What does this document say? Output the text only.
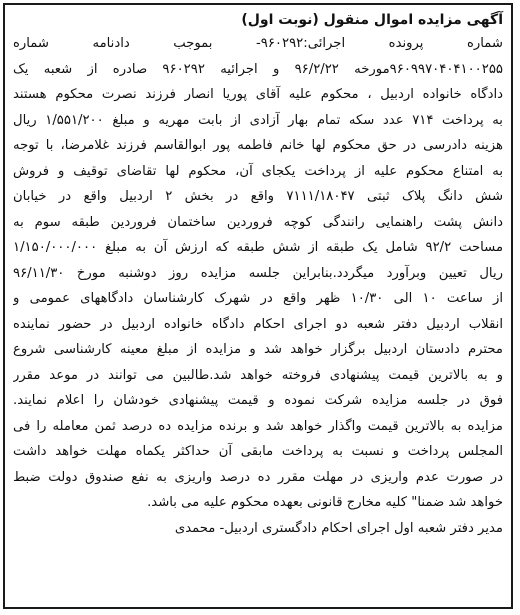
آگهی مزایده اموال منقول (نوبت اول)
شماره پرونده اجرائی:۹۶۰۲۹۲- بموجب دادنامه شماره
۹۶۰۹۹۷۰۴۰۴۱۰۰۲۵۵مورخه ۹۶/۲/۲۲ و اجرائیه ۹۶۰۲۹۲ صادره از شعبه یک
دادگاه خانواده اردبیل ، محکوم علیه آقای پوریا انصار فرزند نصرت محکوم هستند
به پرداخت ۷۱۴ عدد سکه تمام بهار آزادی از بابت مهریه و مبلغ ۱/۵۵۱/۲۰۰ ریال
هزینه دادرسی در حق محکوم لها خانم فاطمه پور ابوالقاسم فرزند غلامرضا، با توجه
به امتناع محکوم علیه از پرداخت یکجای آن، محکوم لها تقاضای توقیف و فروش
شش دانگ پلاک ثبتی ۷۱۱۱/۱۸۰۴۷ واقع در بخش ۲ اردبیل واقع در خیابان
دانش پشت راهنمایی رانندگی کوچه فروردین ساختمان فروردین طبقه سوم به
مساحت ۹۲/۲ شامل یک طبقه از شش طبقه که ارزش آن به مبلغ ۱/۱۵۰/۰۰۰/۰۰۰
ریال تعیین وبرآورد میگردد.بنابراین جلسه مزایده روز دوشنبه مورخ ۹۶/۱۱/۳۰
از ساعت ۱۰ الی ۱۰/۳۰ ظهر واقع در شهرک کارشناسان دادگاههای عمومی و
انقلاب اردبیل دفتر شعبه دو اجرای احکام دادگاه خانواده اردبیل در حضور نماینده
محترم دادستان اردبیل برگزار خواهد شد و مزایده از مبلغ معینه کارشناسی شروع
و به بالاترین قیمت پیشنهادی فروخته خواهد شد.طالبین می توانند در موعد مقرر
فوق در جلسه مزایده شرکت نموده و قیمت پیشنهادی خودشان را اعلام نمایند.
مزایده به بالاترین قیمت واگذار خواهد شد و برنده مزایده ده درصد ثمن معامله را فی
المجلس پرداخت و نسبت به پرداخت مابقی آن حداکثر یکماه مهلت خواهد داشت
در صورت عدم واریزی در مهلت مقرر ده درصد واریزی به نفع صندوق دولت ضبط
خواهد شد ضمنا" کلیه مخارج قانونی بعهده محکوم علیه می باشد.
مدیر دفتر شعبه اول اجرای احکام دادگستری اردبیل- محمدی
